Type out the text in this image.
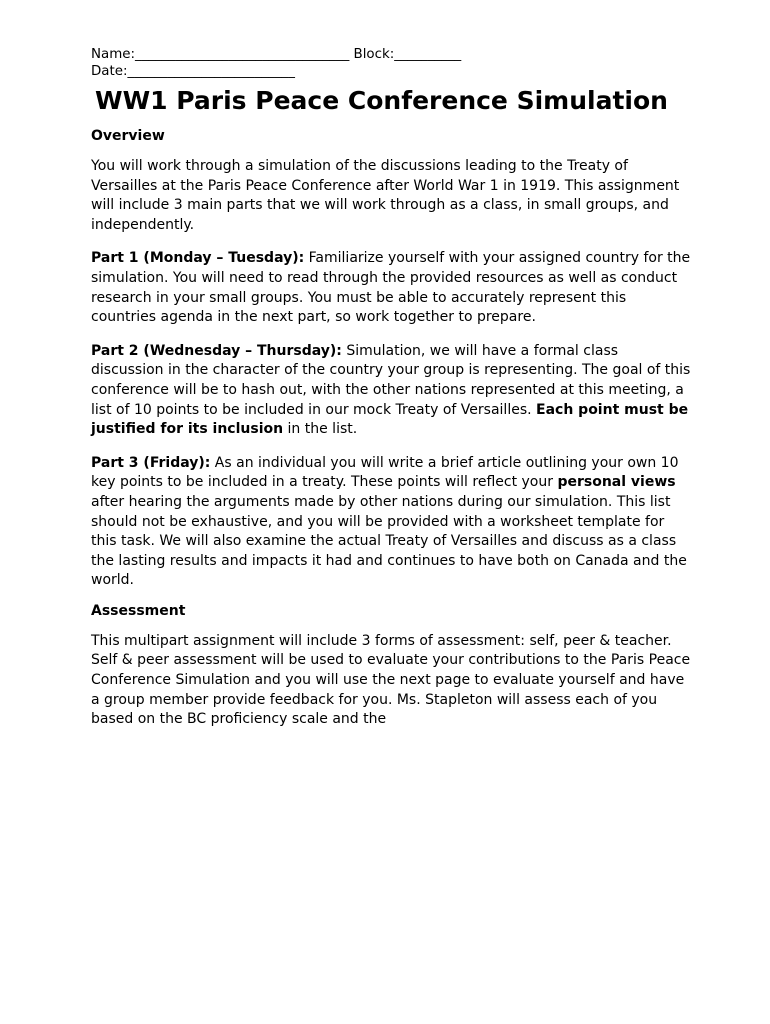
Name:________________________________ Block:__________
Date:_________________________
WW1 Paris Peace Conference Simulation
Overview

You will work through a simulation of the discussions leading to the Treaty of Versailles at the Paris Peace Conference after World War 1 in 1919. This assignment will include 3 main parts that we will work through as a class, in small groups, and independently.

Part 1 (Monday – Tuesday): Familiarize yourself with your assigned country for the simulation. You will need to read through the provided resources as well as conduct research in your small groups. You must be able to accurately represent this countries agenda in the next part, so work together to prepare.

Part 2 (Wednesday – Thursday): Simulation, we will have a formal class discussion in the character of the country your group is representing. The goal of this conference will be to hash out, with the other nations represented at this meeting, a list of 10 points to be included in our mock Treaty of Versailles. Each point must be justified for its inclusion in the list.

Part 3 (Friday): As an individual you will write a brief article outlining your own 10 key points to be included in a treaty. These points will reflect your personal views after hearing the arguments made by other nations during our simulation. This list should not be exhaustive, and you will be provided with a worksheet template for this task. We will also examine the actual Treaty of Versailles and discuss as a class the lasting results and impacts it had and continues to have both on Canada and the world.

Assessment

This multipart assignment will include 3 forms of assessment: self, peer & teacher. Self & peer assessment will be used to evaluate your contributions to the Paris Peace Conference Simulation and you will use the next page to evaluate yourself and have a group member provide feedback for you. Ms. Stapleton will assess each of you based on the BC proficiency scale and the
